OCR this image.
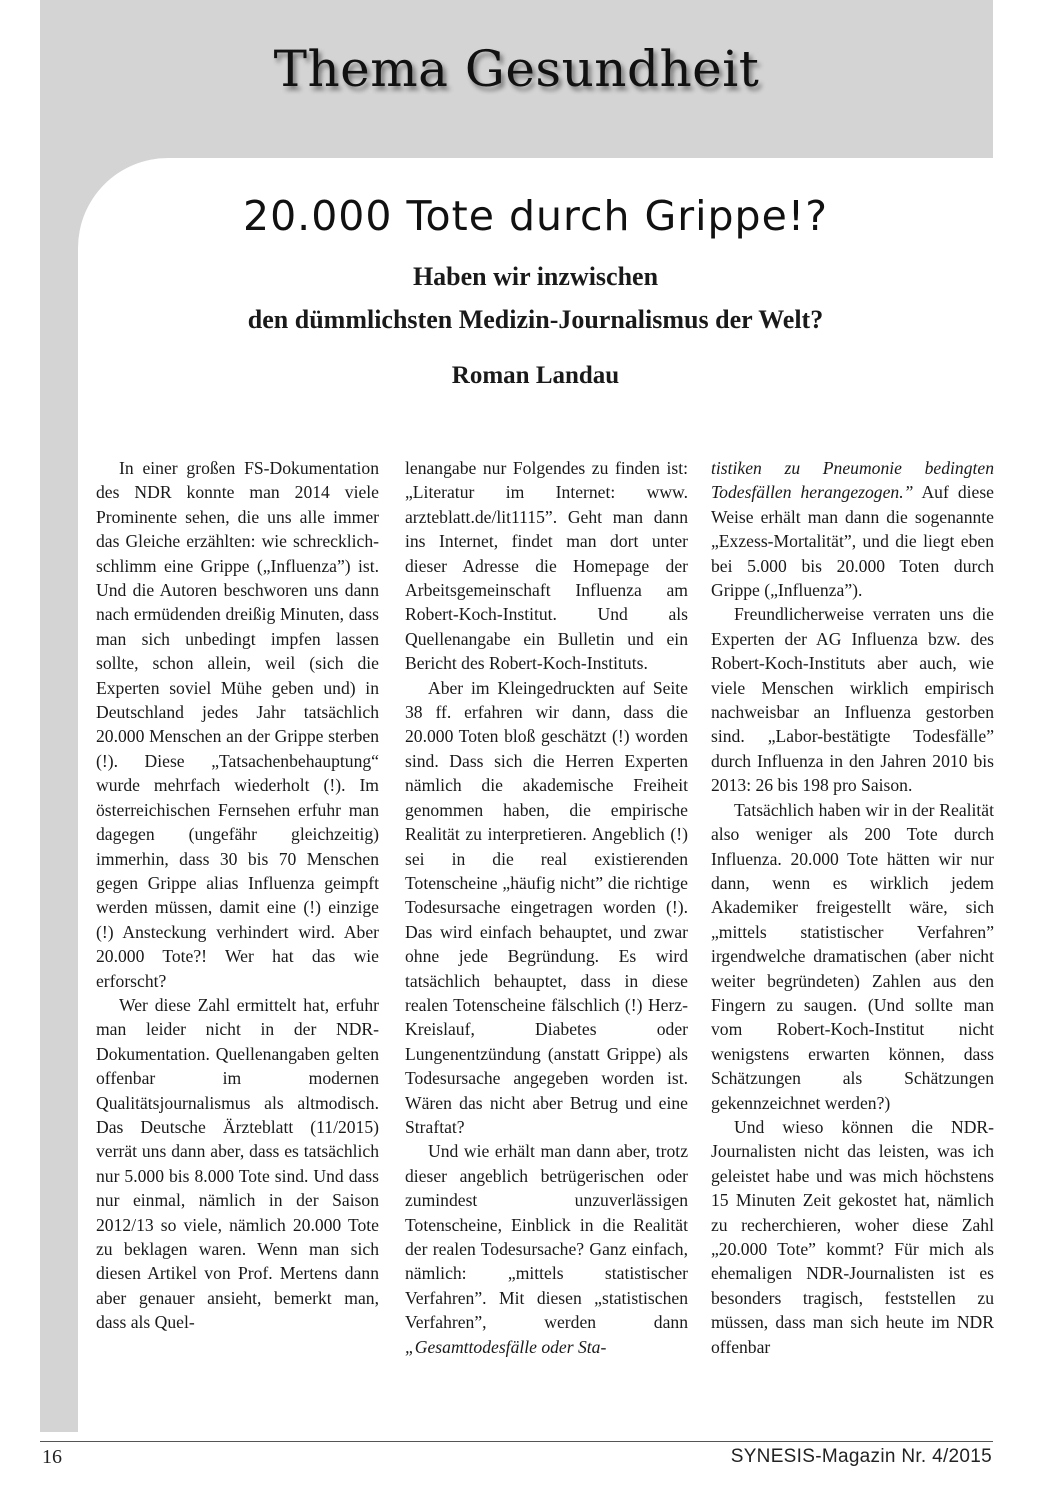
Thema Gesundheit
20.000 Tote durch Grippe!?
Haben wir inzwischen
den dümmlichsten Medizin-Journalismus der Welt?
Roman Landau

In einer großen FS-Dokumentation des NDR konnte man 2014 viele Prominente sehen, die uns alle immer das Gleiche erzählten: wie schrecklich-schlimm eine Grippe („Influenza”) ist. Und die Autoren beschworen uns dann nach ermüdenden dreißig Minuten, dass man sich unbedingt impfen lassen sollte, schon allein, weil (sich die Experten soviel Mühe geben und) in Deutschland jedes Jahr tatsächlich 20.000 Menschen an der Grippe sterben (!). Diese „Tatsachenbehauptung“ wurde mehrfach wiederholt (!). Im österreichischen Fernsehen erfuhr man dagegen (ungefähr gleichzeitig) immerhin, dass 30 bis 70 Menschen gegen Grippe alias Influenza geimpft werden müssen, damit eine (!) einzige (!) Ansteckung verhindert wird. Aber 20.000 Tote?! Wer hat das wie erforscht?

Wer diese Zahl ermittelt hat, erfuhr man leider nicht in der NDR-Dokumentation. Quellenangaben gelten offenbar im modernen Qualitätsjournalismus als altmodisch. Das Deutsche Ärzteblatt (11/2015) verrät uns dann aber, dass es tatsächlich nur 5.000 bis 8.000 Tote sind. Und dass nur einmal, nämlich in der Saison 2012/13 so viele, nämlich 20.000 Tote zu beklagen waren. Wenn man sich diesen Artikel von Prof. Mertens dann aber genauer ansieht, bemerkt man, dass als Quel-

lenangabe nur Folgendes zu finden ist: „Literatur im Internet: www. arzteblatt.de/lit1115”. Geht man dann ins Internet, findet man dort unter dieser Adresse die Homepage der Arbeitsgemeinschaft Influenza am Robert-Koch-Institut. Und als Quellenangabe ein Bulletin und ein Bericht des Robert-Koch-Instituts.

Aber im Kleingedruckten auf Seite 38 ff. erfahren wir dann, dass die 20.000 Toten bloß geschätzt (!) worden sind. Dass sich die Herren Experten nämlich die akademische Freiheit genommen haben, die empirische Realität zu interpretieren. Angeblich (!) sei in die real existierenden Totenscheine „häufig nicht” die richtige Todesursache eingetragen worden (!). Das wird einfach behauptet, und zwar ohne jede Begründung. Es wird tatsächlich behauptet, dass in diese realen Totenscheine fälschlich (!) Herz-Kreislauf, Diabetes oder Lungenentzündung (anstatt Grippe) als Todesursache angegeben worden ist. Wären das nicht aber Betrug und eine Straftat?

Und wie erhält man dann aber, trotz dieser angeblich betrügerischen oder zumindest unzuverlässigen Totenscheine, Einblick in die Realität der realen Todesursache? Ganz einfach, nämlich: „mittels statistischer Verfahren”. Mit diesen „statistischen Verfahren”, werden dann „Gesamttodesfälle oder Sta-

tistiken zu Pneumonie bedingten Todesfällen herangezogen.” Auf diese Weise erhält man dann die sogenannte „Exzess-Mortalität”, und die liegt eben bei 5.000 bis 20.000 Toten durch Grippe („Influenza”).

Freundlicherweise verraten uns die Experten der AG Influenza bzw. des Robert-Koch-Instituts aber auch, wie viele Menschen wirklich empirisch nachweisbar an Influenza gestorben sind. „Labor-bestätigte Todesfälle” durch Influenza in den Jahren 2010 bis 2013: 26 bis 198 pro Saison.

Tatsächlich haben wir in der Realität also weniger als 200 Tote durch Influenza. 20.000 Tote hätten wir nur dann, wenn es wirklich jedem Akademiker freigestellt wäre, sich „mittels statistischer Verfahren” irgendwelche dramatischen (aber nicht weiter begründeten) Zahlen aus den Fingern zu saugen. (Und sollte man vom Robert-Koch-Institut nicht wenigstens erwarten können, dass Schätzungen als Schätzungen gekennzeichnet werden?)

Und wieso können die NDR-Journalisten nicht das leisten, was ich geleistet habe und was mich höchstens 15 Minuten Zeit gekostet hat, nämlich zu recherchieren, woher diese Zahl „20.000 Tote” kommt? Für mich als ehemaligen NDR-Journalisten ist es besonders tragisch, feststellen zu müssen, dass man sich heute im NDR offenbar

16	SYNESIS-Magazin Nr. 4/2015
